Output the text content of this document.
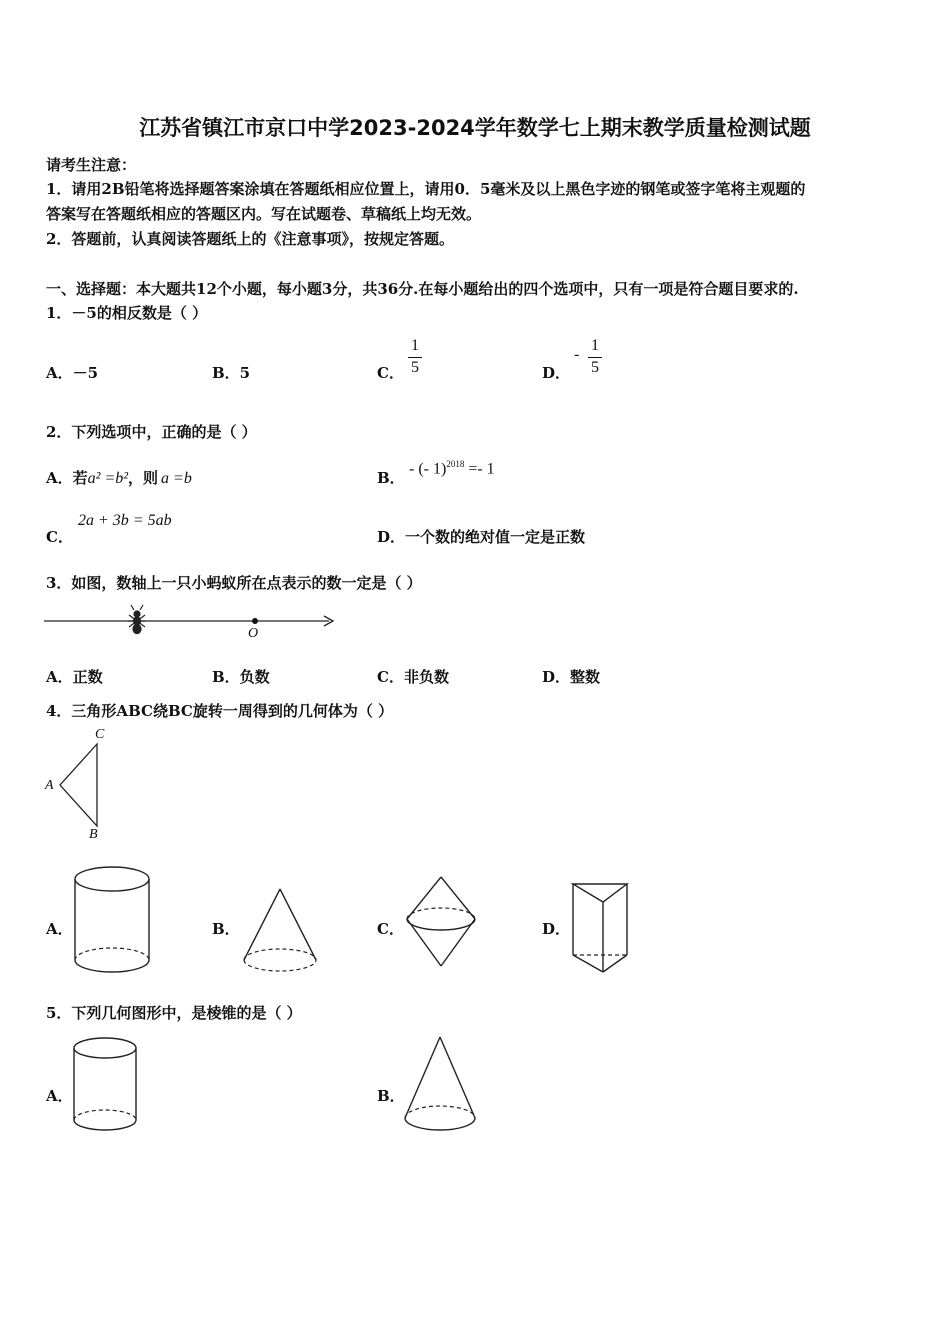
江苏省镇江市京口中学2023-2024学年数学七上期末教学质量检测试题
请考生注意：
1．请用2B铅笔将选择题答案涂填在答题纸相应位置上，请用0．5毫米及以上黑色字迹的钢笔或签字笔将主观题的
答案写在答题纸相应的答题区内。写在试题卷、草稿纸上均无效。
2．答题前，认真阅读答题纸上的《注意事项》，按规定答题。
一、选择题：本大题共12个小题，每小题3分，共36分.在每小题给出的四个选项中，只有一项是符合题目要求的.
1．－5的相反数是（ ）
A．－5	B．5	C．
1
5	D．
-
1
5
2．下列选项中，正确的是（ ）
A．若a² =b²，则 a =b	B．
- (- 1)$^{2018}$ =- 1
C．
2a + 3b = 5ab
D．一个数的绝对值一定是正数
3．如图，数轴上一只小蚂蚁所在点表示的数一定是（ ）
O
A．正数	B．负数	C．非负数	D．整数
4．三角形ABC绕BC旋转一周得到的几何体为（ ）
C
A
B
A．	B．	C．	D．
5．下列几何图形中，是棱锥的是（ ）
A．	B．
